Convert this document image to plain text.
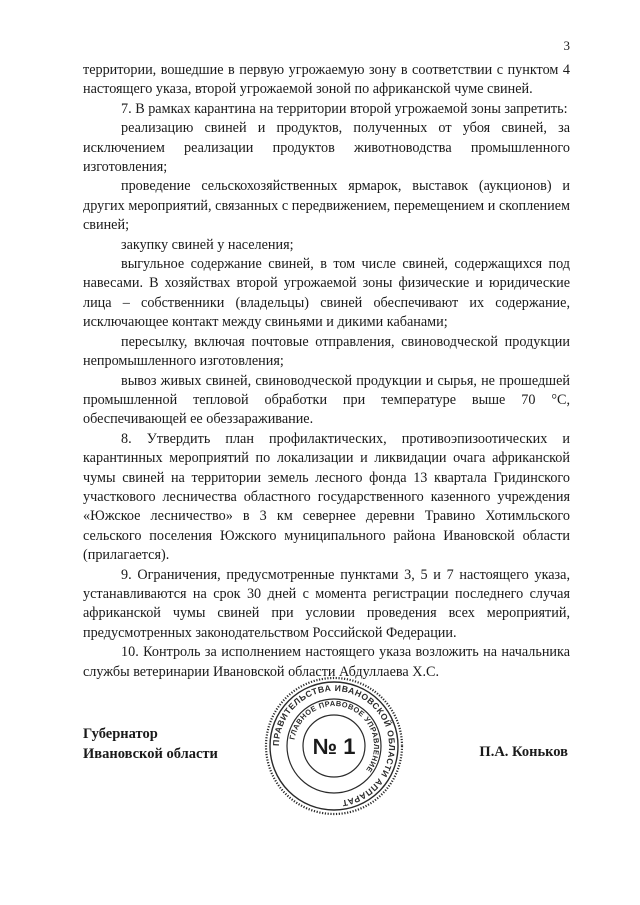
3

территории, вошедшие в первую угрожаемую зону в соответствии с пунктом 4 настоящего указа, второй угрожаемой зоной по африканской чуме свиней.

7. В рамках карантина на территории второй угрожаемой зоны запретить:

реализацию свиней и продуктов, полученных от убоя свиней, за исключением реализации продуктов животноводства промышленного изготовления;

проведение сельскохозяйственных ярмарок, выставок (аукционов) и других мероприятий, связанных с передвижением, перемещением и скоплением свиней;

закупку свиней у населения;

выгульное содержание свиней, в том числе свиней, содержащихся под навесами. В хозяйствах второй угрожаемой зоны физические и юридические лица – собственники (владельцы) свиней обеспечивают их содержание, исключающее контакт между свиньями и дикими кабанами;

пересылку, включая почтовые отправления, свиноводческой продукции непромышленного изготовления;

вывоз живых свиней, свиноводческой продукции и сырья, не прошедшей промышленной тепловой обработки при температуре выше 70 °С, обеспечивающей ее обеззараживание.

8. Утвердить план профилактических, противоэпизоотических и карантинных мероприятий по локализации и ликвидации очага африканской чумы свиней на территории земель лесного фонда 13 квартала Гридинского участкового лесничества областного государственного казенного учреждения «Южское лесничество» в 3 км севернее деревни Травино Хотимльского сельского поселения Южского муниципального района Ивановской области (прилагается).

9. Ограничения, предусмотренные пунктами 3, 5 и 7 настоящего указа, устанавливаются на срок 30 дней с момента регистрации последнего случая африканской чумы свиней при условии проведения всех мероприятий, предусмотренных законодательством Российской Федерации.

10. Контроль за исполнением настоящего указа возложить на начальника службы ветеринарии Ивановской области Абдуллаева Х.С.

Губернатор
Ивановской области
ПРАВИТЕЛЬСТВА ИВАНОВСКОЙ ОБЛАСТИ АППАРАТ
ГЛАВНОЕ ПРАВОВОЕ УПРАВЛЕНИЕ
№ 1	П.А. Коньков
